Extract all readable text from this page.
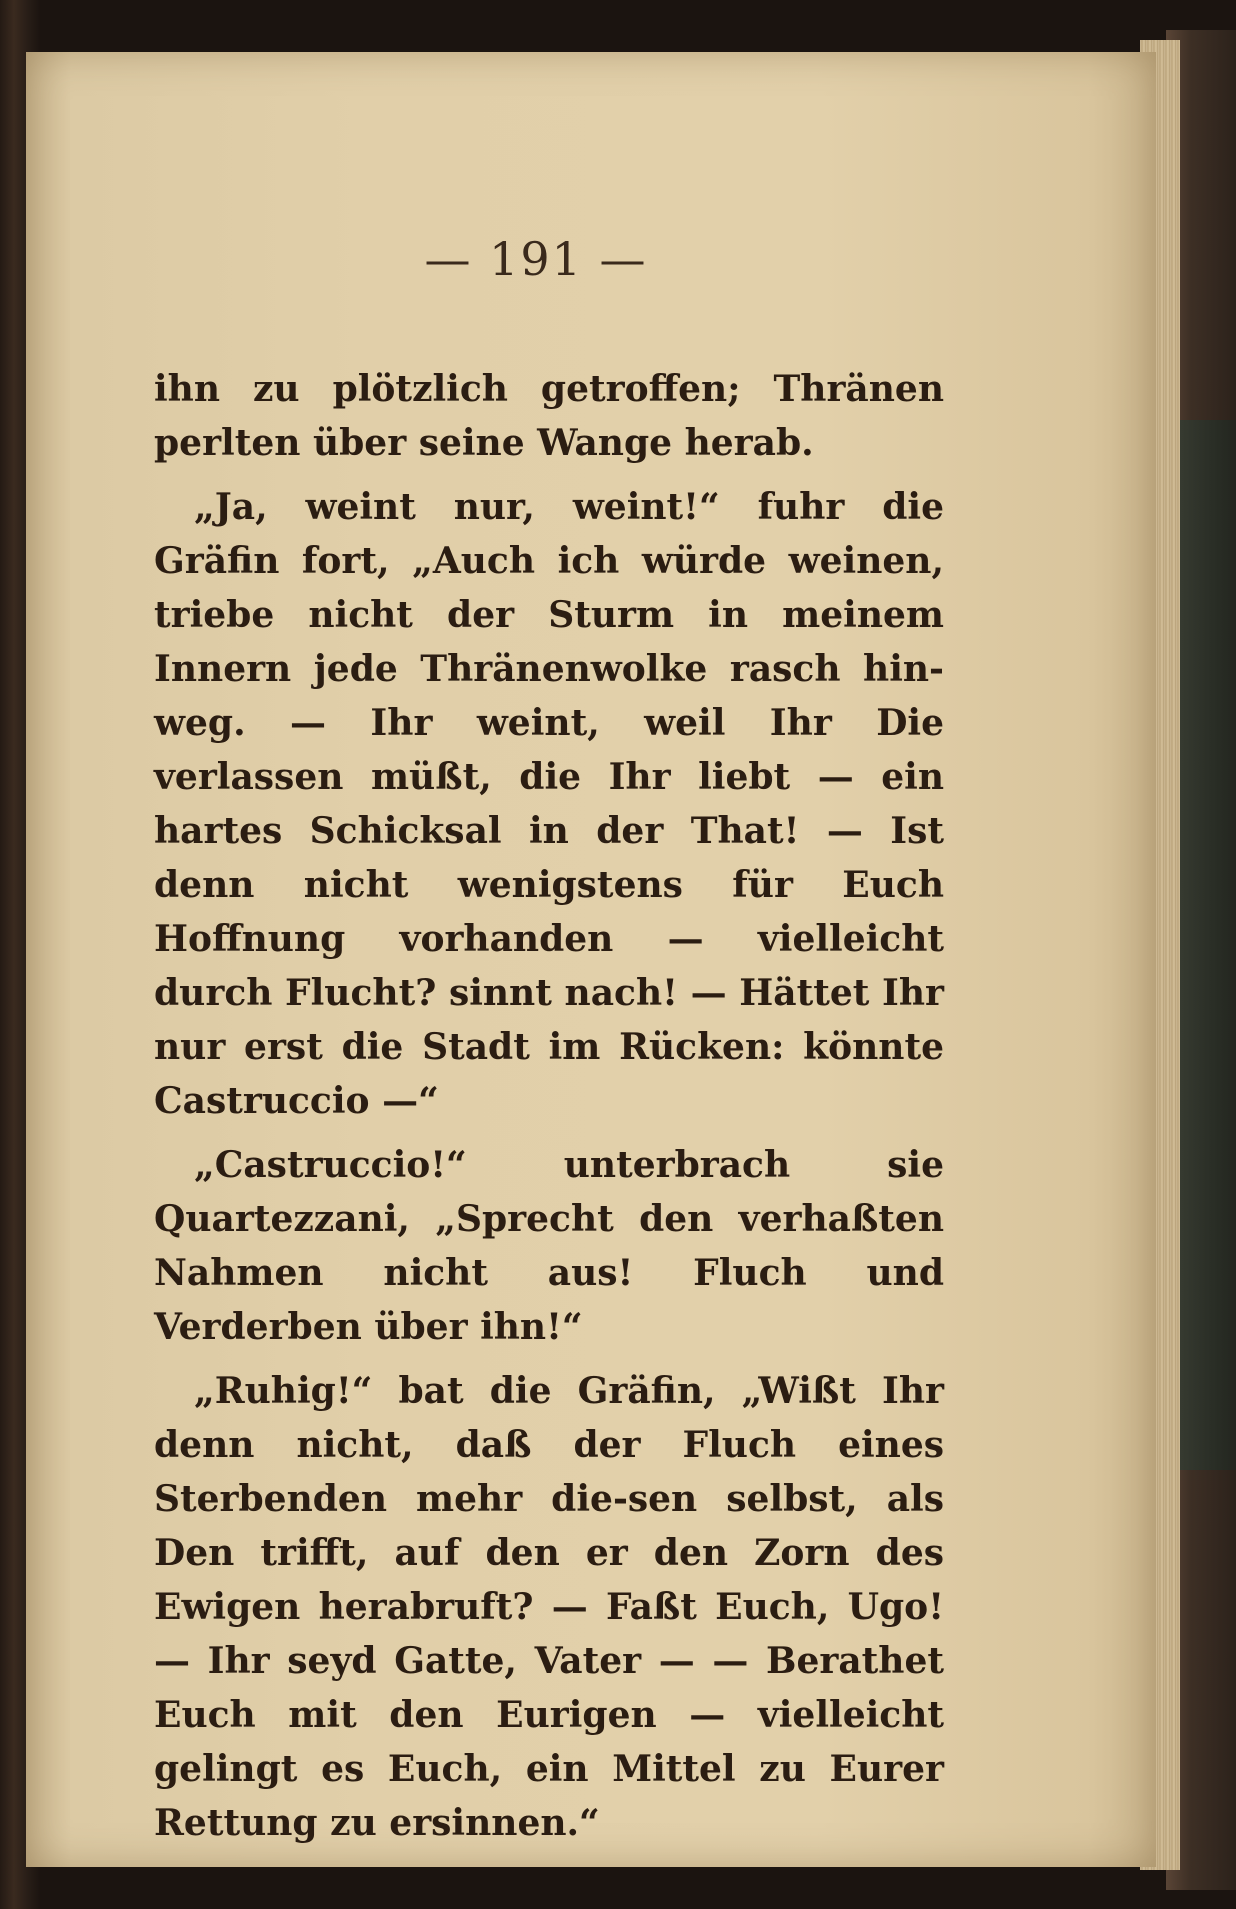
— 191 —

ihn zu plötzlich getroffen; Thränen perlten über seine Wange herab.

„Ja, weint nur, weint!“ fuhr die Gräfin fort, „Auch ich würde weinen, triebe nicht der Sturm in meinem Innern jede Thränenwolke rasch hin-weg. — Ihr weint, weil Ihr Die verlassen müßt, die Ihr liebt — ein hartes Schicksal in der That! — Ist denn nicht wenigstens für Euch Hoffnung vorhanden — vielleicht durch Flucht? sinnt nach! — Hättet Ihr nur erst die Stadt im Rücken: könnte Castruccio —“

„Castruccio!“ unterbrach sie Quartezzani, „Sprecht den verhaßten Nahmen nicht aus! Fluch und Verderben über ihn!“

„Ruhig!“ bat die Gräfin, „Wißt Ihr denn nicht, daß der Fluch eines Sterbenden mehr die-sen selbst, als Den trifft, auf den er den Zorn des Ewigen herabruft? — Faßt Euch, Ugo! — Ihr seyd Gatte, Vater — — Berathet Euch mit den Eurigen — vielleicht gelingt es Euch, ein Mittel zu Eurer Rettung zu ersinnen.“
